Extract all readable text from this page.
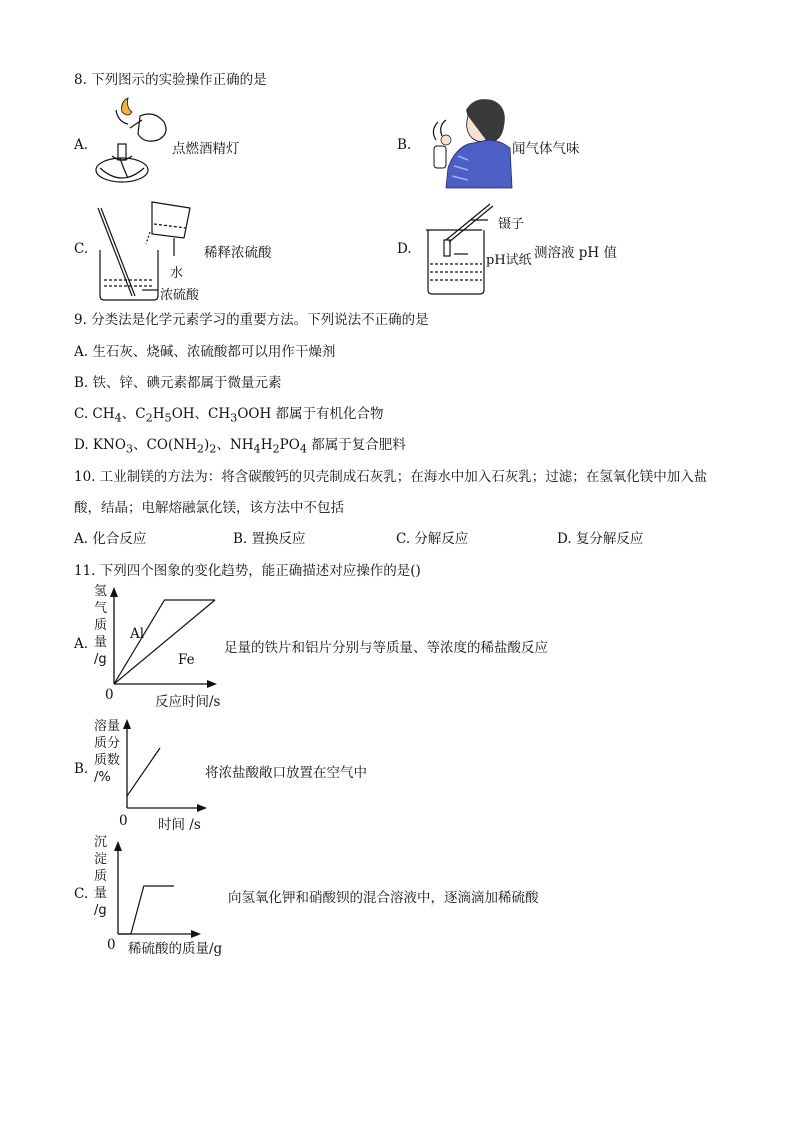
8. 下列图示的实验操作正确的是
A.	点燃酒精灯	B.	闻气体气味
C.	稀释浓硫酸
水
浓硫酸
D.
镊子
pH试纸 测溶液 pH 值
9. 分类法是化学元素学习的重要方法。下列说法不正确的是
A. 生石灰、烧碱、浓硫酸都可以用作干燥剂
B. 铁、锌、碘元素都属于微量元素
C. $CH_4$、$C_2H_5OH$、$CH_3OOH$ 都属于有机化合物
D. $KNO_3$、$CO(NH_2)_2$、$NH_4H_2PO_4$ 都属于复合肥料
10. 工业制镁的方法为：将含碳酸钙的贝壳制成石灰乳；在海水中加入石灰乳；过滤；在氢氧化镁中加入盐
酸，结晶；电解熔融氯化镁，该方法中不包括
A. 化合反应	B. 置换反应	C. 分解反应	D. 复分解反应
11. 下列四个图象的变化趋势，能正确描述对应操作的是()
A.
氢
气
质
量
/g
Al
Fe
0	反应时间/s
足量的铁片和铝片分别与等质量、等浓度的稀盐酸反应
B.
溶量
质分
质数
/%
0 时间 /s
将浓盐酸敞口放置在空气中
C.
沉
淀
质
量
/g
0 稀硫酸的质量/g
向氢氧化钾和硝酸钡的混合溶液中，逐滴滴加稀硫酸
